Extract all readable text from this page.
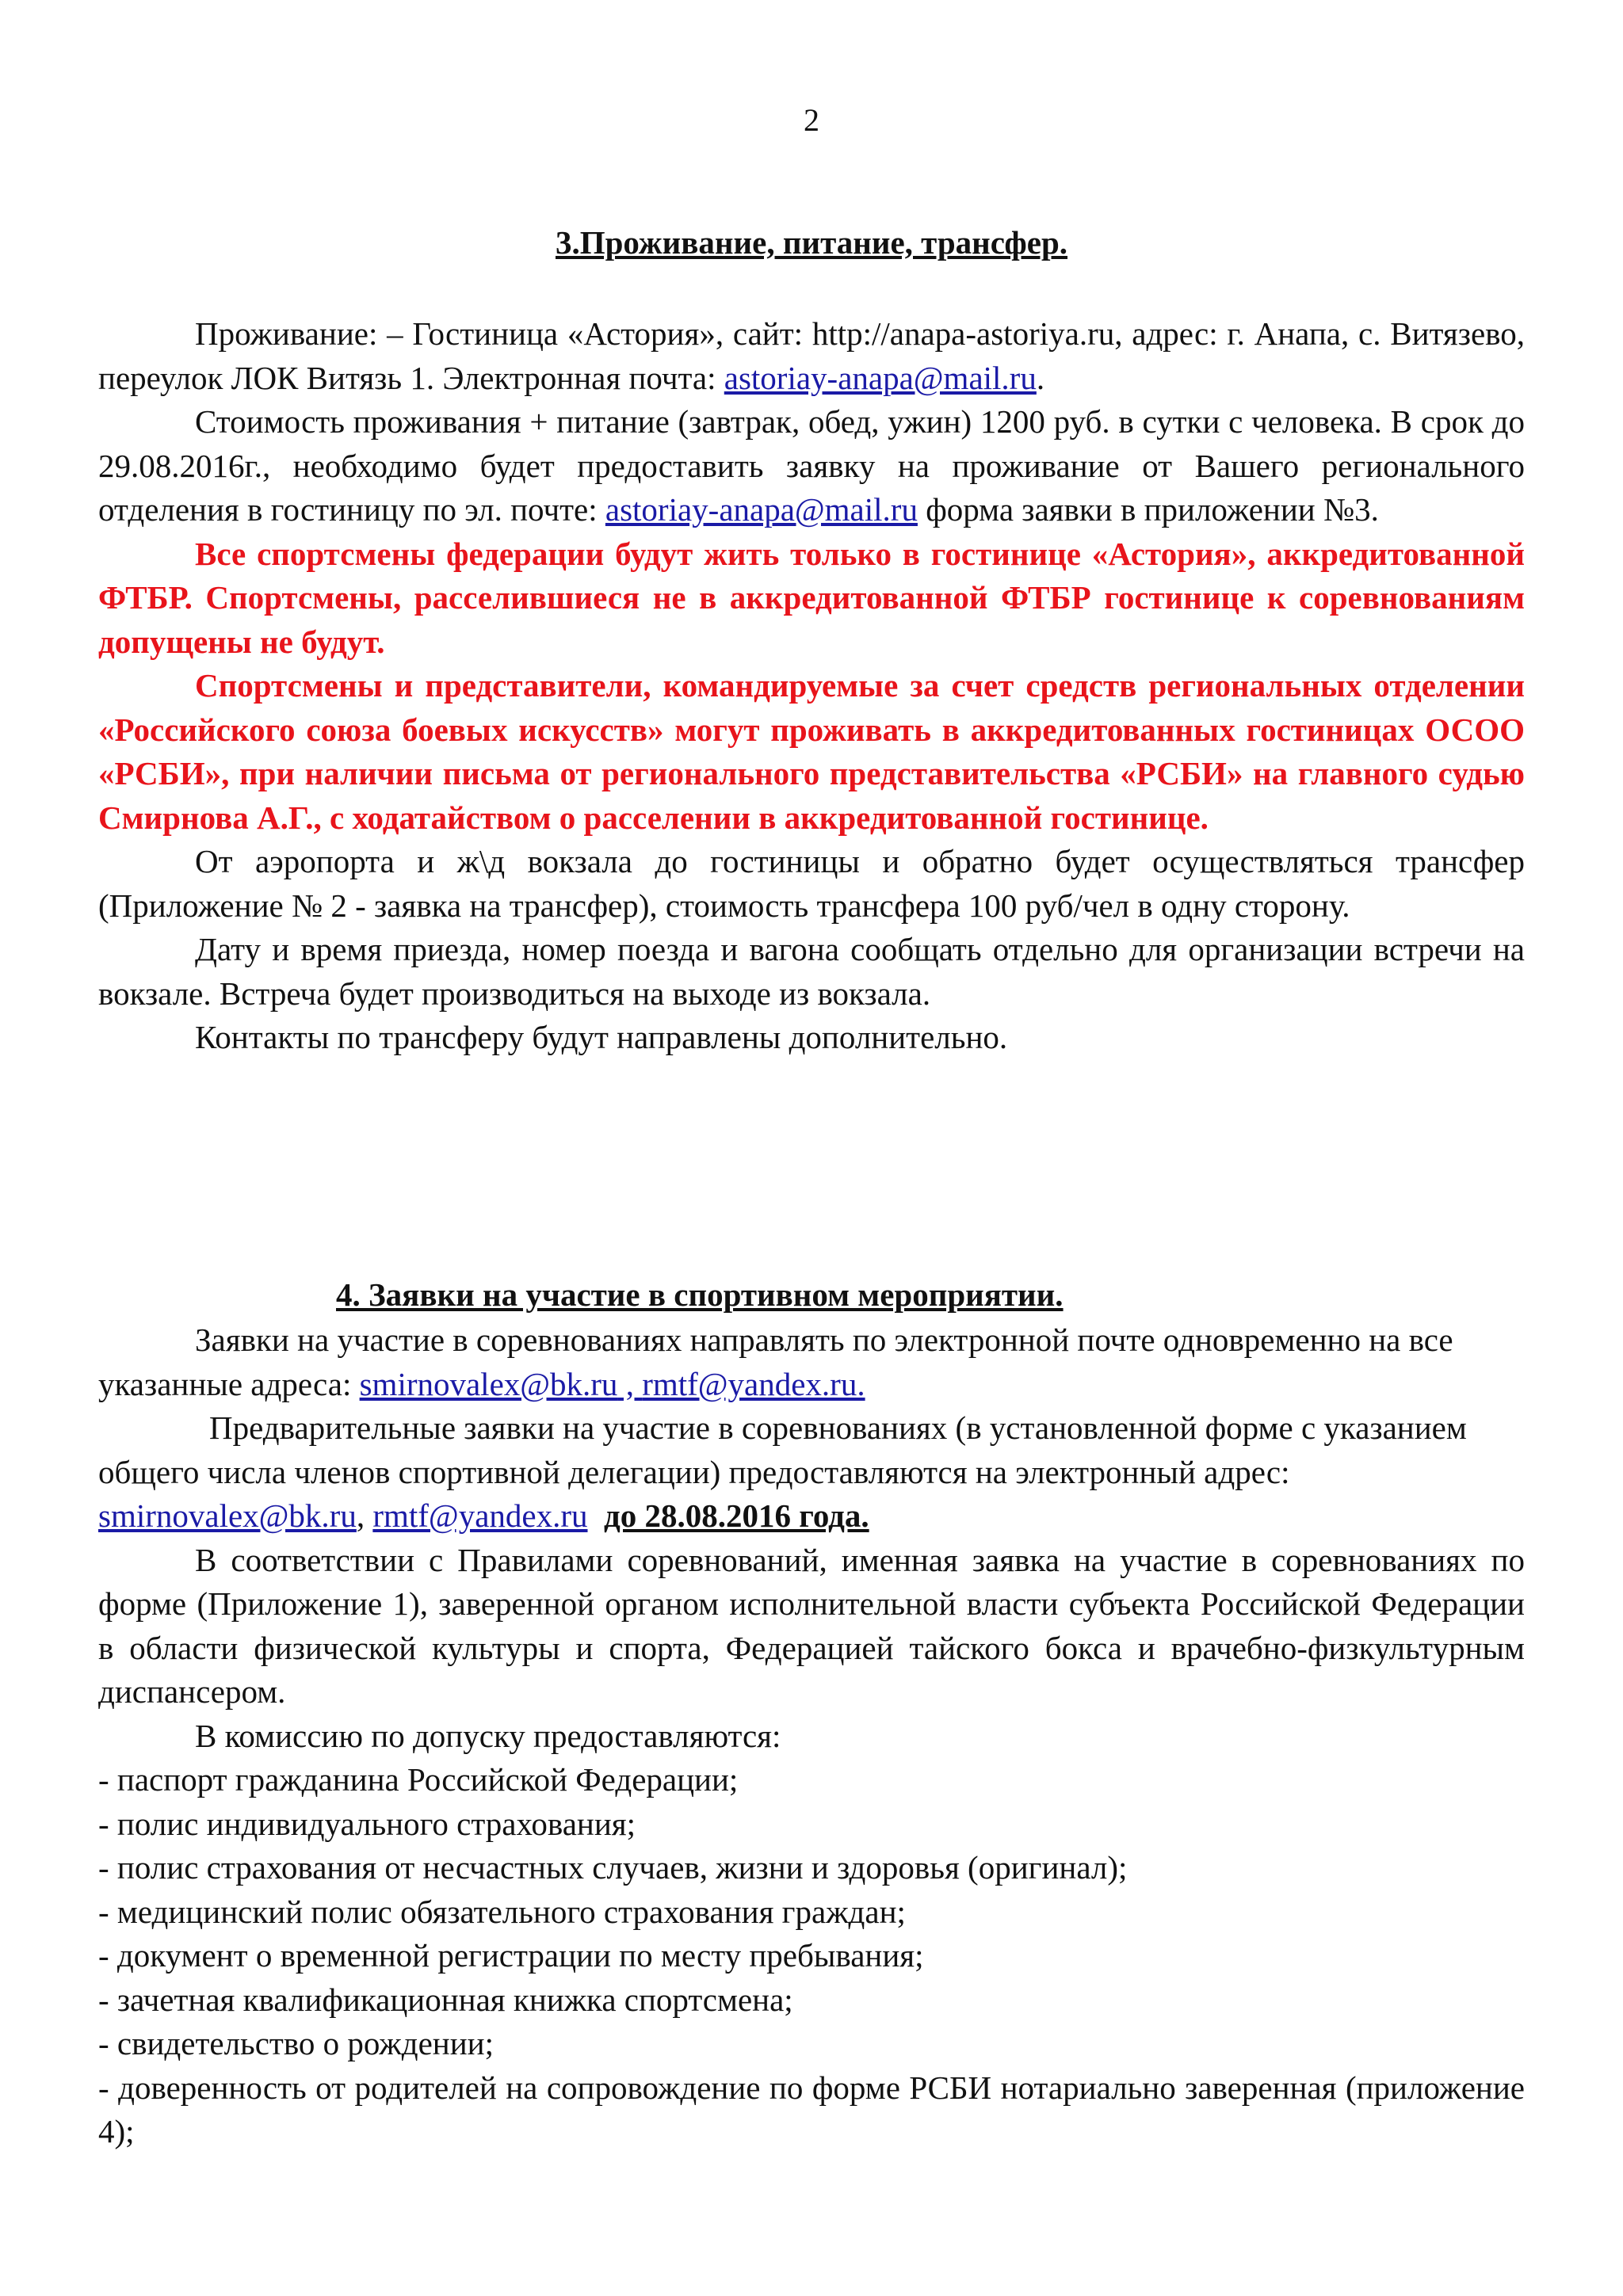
2
3.Проживание, питание, трансфер.

Проживание: – Гостиница «Астория», сайт: http://anapa-astoriya.ru, адрес: г. Анапа, с. Витязево, переулок ЛОК Витязь 1. Электронная почта: astoriay-anapa@mail.ru.

Стоимость проживания + питание (завтрак, обед, ужин) 1200 руб. в сутки с человека. В срок до 29.08.2016г., необходимо будет предоставить заявку на проживание от Вашего регионального отделения в гостиницу по эл. почте: astoriay-anapa@mail.ru форма заявки в приложении №3.

Все спортсмены федерации будут жить только в гостинице «Астория», аккредитованной ФТБР. Спортсмены, расселившиеся не в аккредитованной ФТБР гостинице к соревнованиям допущены не будут.

Спортсмены и представители, командируемые за счет средств региональных отделении «Российского союза боевых искусств» могут проживать в аккредитованных гостиницах ОСОО «РСБИ», при наличии письма от регионального представительства «РСБИ» на главного судью Смирнова А.Г., с ходатайством о расселении в аккредитованной гостинице.

От аэропорта и ж\д вокзала до гостиницы и обратно будет осуществляться трансфер (Приложение № 2 - заявка на трансфер), стоимость трансфера 100 руб/чел в одну сторону.

Дату и время приезда, номер поезда и вагона сообщать отдельно для организации встречи на вокзале. Встреча будет производиться на выходе из вокзала.

Контакты по трансферу будут направлены дополнительно.

4. Заявки на участие в спортивном мероприятии.

Заявки на участие в соревнованиях направлять по электронной почте одновременно на все указанные адреса: smirnovalex@bk.ru , rmtf@yandex.ru.

Предварительные заявки на участие в соревнованиях (в установленной форме с указанием общего числа членов спортивной делегации) предоставляются на электронный адрес: smirnovalex@bk.ru, rmtf@yandex.ru до 28.08.2016 года.

В соответствии с Правилами соревнований, именная заявка на участие в соревнованиях по форме (Приложение 1), заверенной органом исполнительной власти субъекта Российской Федерации в области физической культуры и спорта, Федерацией тайского бокса и врачебно-физкультурным диспансером.

В комиссию по допуску предоставляются:

- паспорт гражданина Российской Федерации;

- полис индивидуального страхования;

- полис страхования от несчастных случаев, жизни и здоровья (оригинал);

- медицинский полис обязательного страхования граждан;

- документ о временной регистрации по месту пребывания;

- зачетная квалификационная книжка спортсмена;

- свидетельство о рождении;

- доверенность от родителей на сопровождение по форме РСБИ нотариально заверенная (приложение 4);
